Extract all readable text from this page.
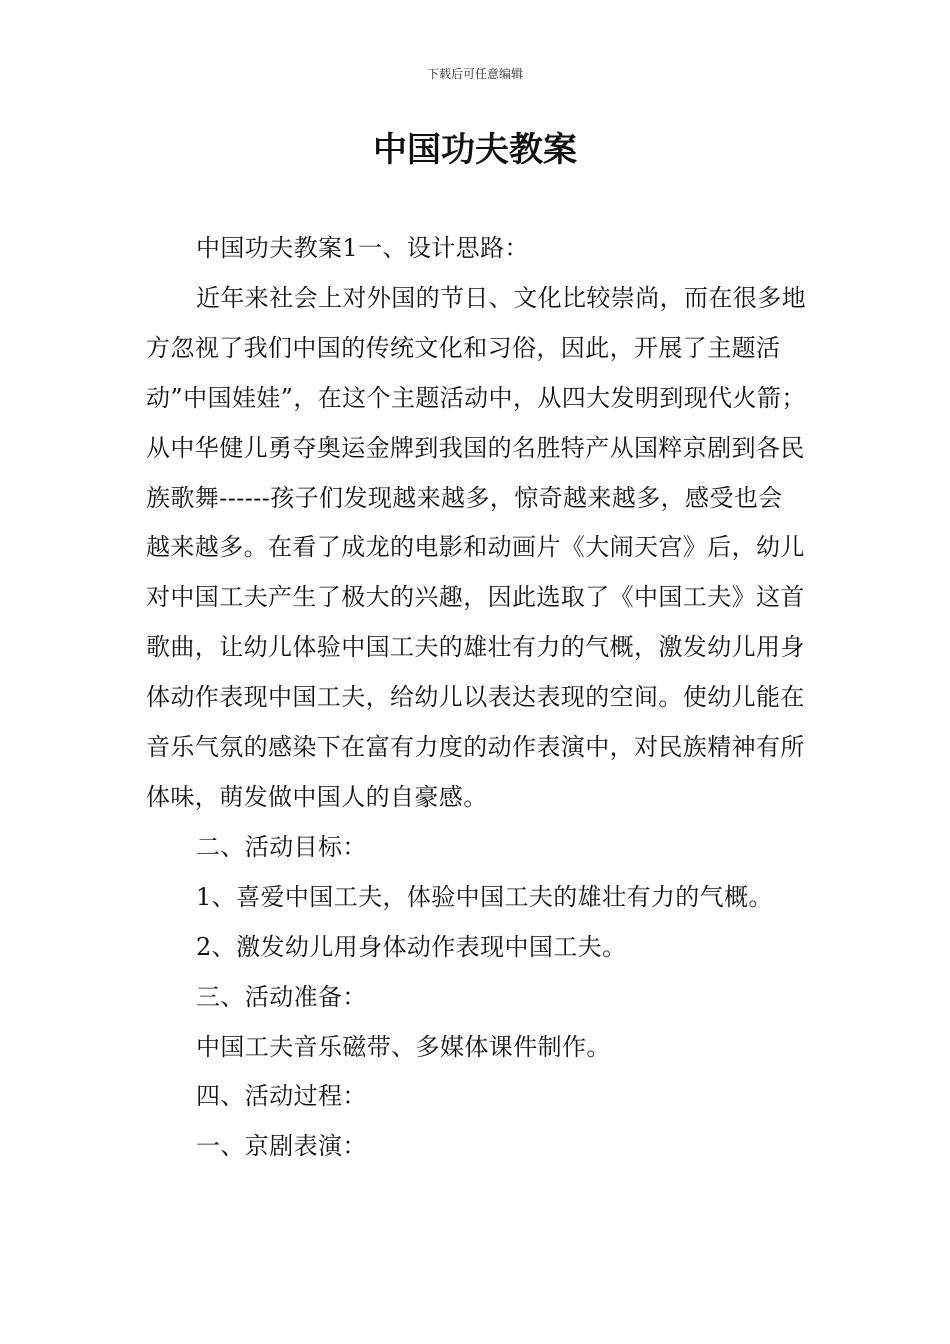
下载后可任意编辑
中国功夫教案

中国功夫教案1一、设计思路：

近年来社会上对外国的节日、文化比较崇尚，而在很多地方忽视了我们中国的传统文化和习俗，因此，开展了主题活动”中国娃娃”，在这个主题活动中，从四大发明到现代火箭；从中华健儿勇夺奥运金牌到我国的名胜特产从国粹京剧到各民族歌舞------孩子们发现越来越多，惊奇越来越多，感受也会越来越多。在看了成龙的电影和动画片《大闹天宫》后，幼儿对中国工夫产生了极大的兴趣，因此选取了《中国工夫》这首歌曲，让幼儿体验中国工夫的雄壮有力的气概，激发幼儿用身体动作表现中国工夫，给幼儿以表达表现的空间。使幼儿能在音乐气氛的感染下在富有力度的动作表演中，对民族精神有所体味，萌发做中国人的自豪感。

二、活动目标：

1、喜爱中国工夫，体验中国工夫的雄壮有力的气概。

2、激发幼儿用身体动作表现中国工夫。

三、活动准备：

中国工夫音乐磁带、多媒体课件制作。

四、活动过程：

一、京剧表演：
